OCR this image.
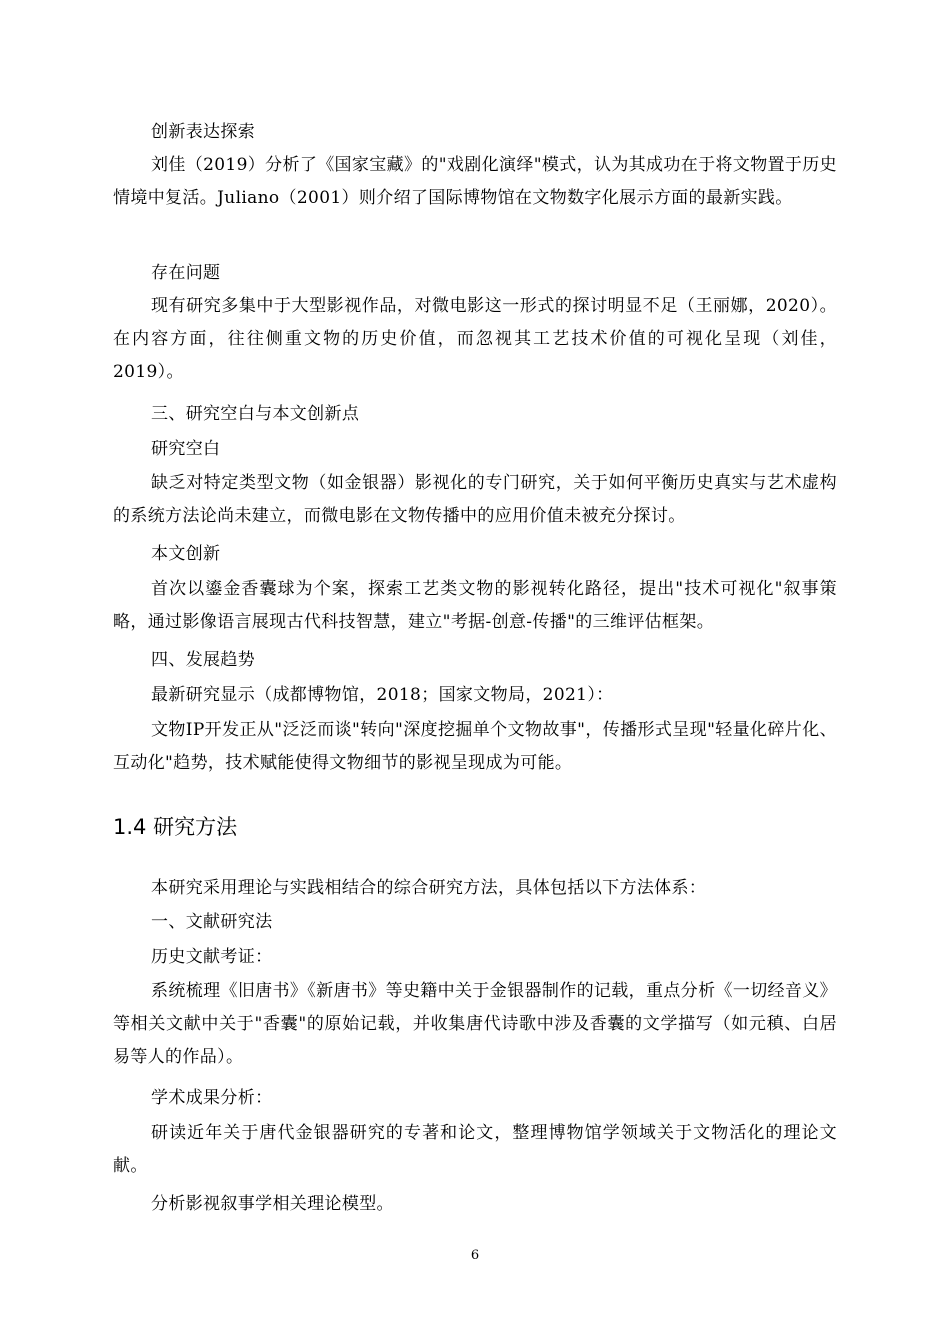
创新表达探索

刘佳（2019）分析了《国家宝藏》的"戏剧化演绎"模式，认为其成功在于将文物置于历史情境中复活。Juliano（2001）则介绍了国际博物馆在文物数字化展示方面的最新实践。

存在问题

现有研究多集中于大型影视作品，对微电影这一形式的探讨明显不足（王丽娜，2020）。在内容方面，往往侧重文物的历史价值，而忽视其工艺技术价值的可视化呈现（刘佳，2019）。

三、研究空白与本文创新点

研究空白

缺乏对特定类型文物（如金银器）影视化的专门研究，关于如何平衡历史真实与艺术虚构的系统方法论尚未建立，而微电影在文物传播中的应用价值未被充分探讨。

本文创新

首次以鎏金香囊球为个案，探索工艺类文物的影视转化路径，提出"技术可视化"叙事策略，通过影像语言展现古代科技智慧，建立"考据-创意-传播"的三维评估框架。

四、发展趋势

最新研究显示（成都博物馆，2018；国家文物局，2021）：

文物IP开发正从"泛泛而谈"转向"深度挖掘单个文物故事"，传播形式呈现"轻量化碎片化、互动化"趋势，技术赋能使得文物细节的影视呈现成为可能。

1.4 研究方法

本研究采用理论与实践相结合的综合研究方法，具体包括以下方法体系：

一、文献研究法

历史文献考证：

系统梳理《旧唐书》《新唐书》等史籍中关于金银器制作的记载，重点分析《一切经音义》等相关文献中关于"香囊"的原始记载，并收集唐代诗歌中涉及香囊的文学描写（如元稹、白居易等人的作品）。

学术成果分析：

研读近年关于唐代金银器研究的专著和论文，整理博物馆学领域关于文物活化的理论文献。

分析影视叙事学相关理论模型。

6
